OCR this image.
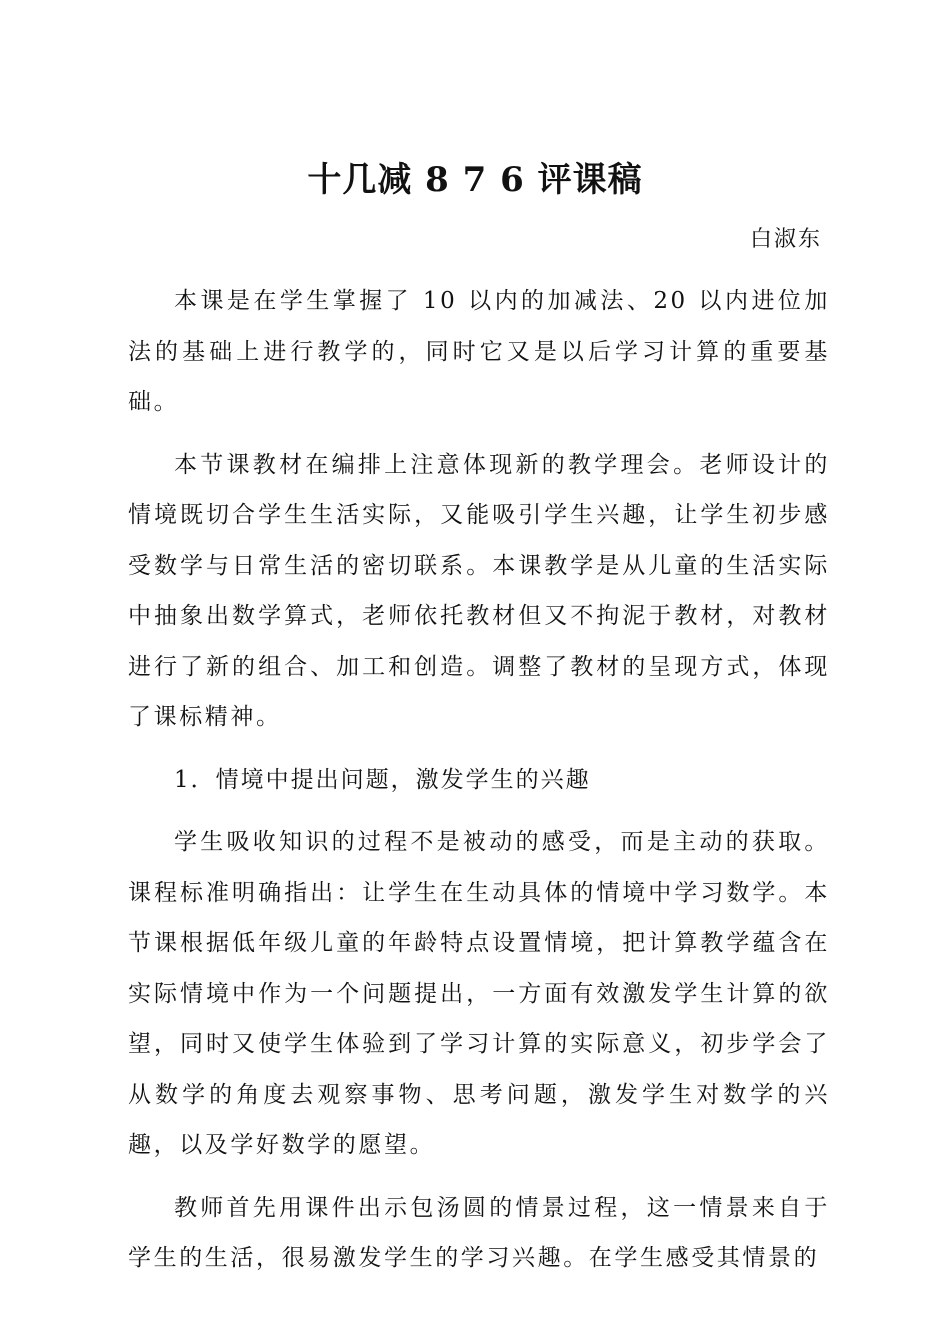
十几减 8 7 6 评课稿

白淑东

本课是在学生掌握了 10 以内的加减法、20 以内进位加法的基础上进行教学的，同时它又是以后学习计算的重要基础。

本节课教材在编排上注意体现新的教学理会。老师设计的情境既切合学生生活实际，又能吸引学生兴趣，让学生初步感受数学与日常生活的密切联系。本课教学是从儿童的生活实际中抽象出数学算式，老师依托教材但又不拘泥于教材，对教材进行了新的组合、加工和创造。调整了教材的呈现方式，体现了课标精神。

1．情境中提出问题，激发学生的兴趣

学生吸收知识的过程不是被动的感受，而是主动的获取。课程标准明确指出：让学生在生动具体的情境中学习数学。本节课根据低年级儿童的年龄特点设置情境，把计算教学蕴含在实际情境中作为一个问题提出，一方面有效激发学生计算的欲望，同时又使学生体验到了学习计算的实际意义，初步学会了从数学的角度去观察事物、思考问题，激发学生对数学的兴趣，以及学好数学的愿望。

教师首先用课件出示包汤圆的情景过程，这一情景来自于学生的生活，很易激发学生的学习兴趣。在学生感受其情景的
